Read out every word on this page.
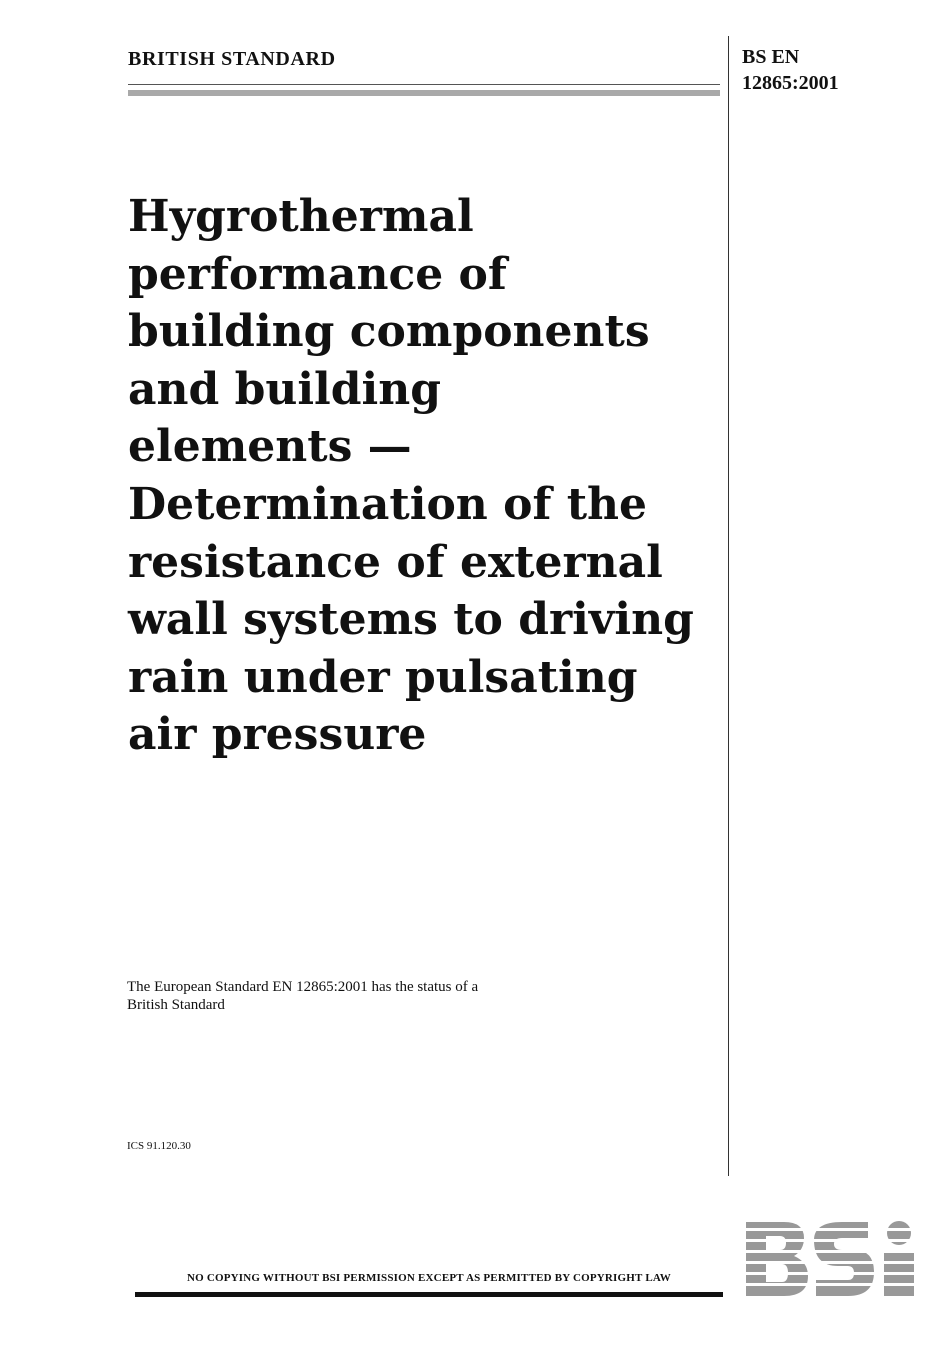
BRITISH STANDARD	BS EN
12865:2001
Hygrothermal
performance of
building components
and building
elements —
Determination of the
resistance of external
wall systems to driving
rain under pulsating
air pressure
The European Standard EN 12865:2001 has the status of a
British Standard
ICS 91.120.30
NO COPYING WITHOUT BSI PERMISSION EXCEPT AS PERMITTED BY COPYRIGHT LAW
